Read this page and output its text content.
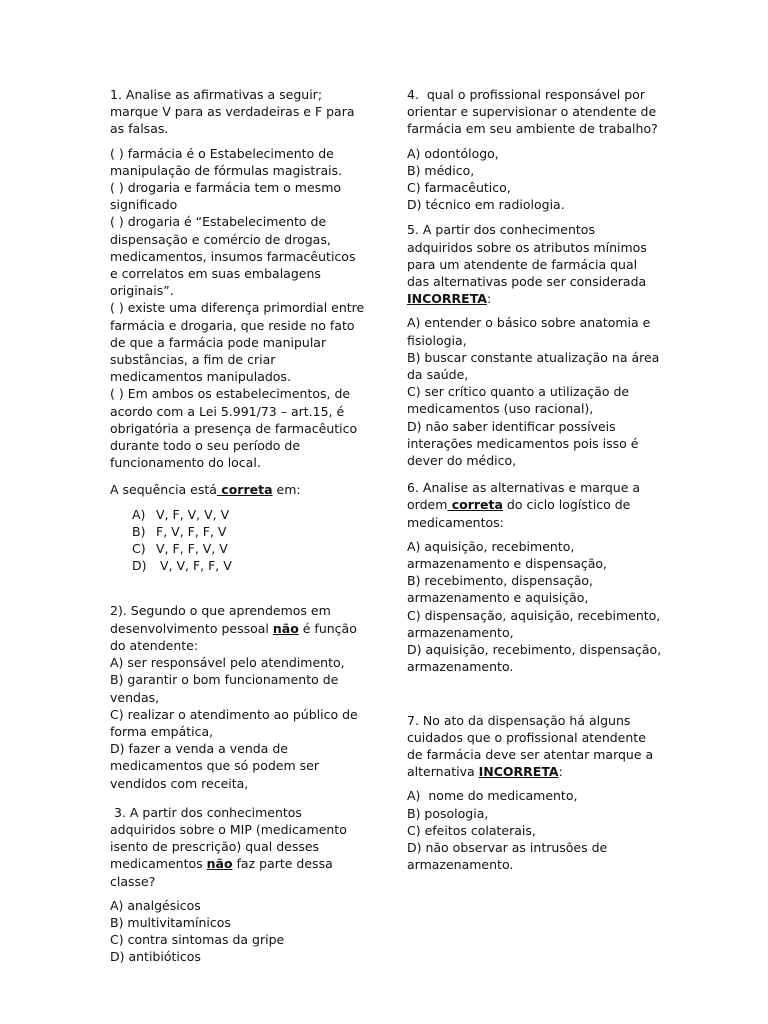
1. Analise as afirmativas a seguir; marque V para as verdadeiras e F para as falsas.

( ) farmácia é o Estabelecimento de manipulação de fórmulas magistrais.
( ) drogaria e farmácia tem o mesmo significado
( ) drogaria é “Estabelecimento de dispensação e comércio de drogas, medicamentos, insumos farmacêuticos e correlatos em suas embalagens originais”.
( ) existe uma diferença primordial entre farmácia e drogaria, que reside no fato de que a farmácia pode manipular substâncias, a fim de criar medicamentos manipulados.
( ) Em ambos os estabelecimentos, de acordo com a Lei 5.991/73 – art.15, é obrigatória a presença de farmacêutico durante todo o seu período de funcionamento do local.

A sequência está correta em:

A) V, F, V, V, V
B) F, V, F, F, V
C) V, F, F, V, V
D) V, V, F, F, V

2). Segundo o que aprendemos em desenvolvimento pessoal não é função do atendente:

A) ser responsável pelo atendimento,
B) garantir o bom funcionamento de vendas,
C) realizar o atendimento ao público de forma empática,
D) fazer a venda a venda de medicamentos que só podem ser vendidos com receita,

3. A partir dos conhecimentos adquiridos sobre o MIP (medicamento isento de prescrição) qual desses medicamentos não faz parte dessa classe?

A) analgésicos
B) multivitamínicos
C) contra sintomas da gripe
D) antibióticos

4.  qual o profissional responsável por orientar e supervisionar o atendente de farmácia em seu ambiente de trabalho?

A) odontólogo,
B) médico,
C) farmacêutico,
D) técnico em radiologia.

5. A partir dos conhecimentos adquiridos sobre os atributos mínimos para um atendente de farmácia qual das alternativas pode ser considerada INCORRETA:

A) entender o básico sobre anatomia e fisiologia,
B) buscar constante atualização na área da saúde,
C) ser crítico quanto a utilização de medicamentos (uso racional),
D) não saber identificar possíveis interações medicamentos pois isso é dever do médico,

6. Analise as alternativas e marque a ordem correta do ciclo logístico de medicamentos:

A) aquisição, recebimento, armazenamento e dispensação,
B) recebimento, dispensação, armazenamento e aquisição,
C) dispensação, aquisição, recebimento, armazenamento,
D) aquisição, recebimento, dispensação, armazenamento.

7. No ato da dispensação há alguns cuidados que o profissional atendente de farmácia deve ser atentar marque a alternativa INCORRETA:

A)  nome do medicamento,
B) posologia,
C) efeitos colaterais,
D) não observar as intrusões de armazenamento.
